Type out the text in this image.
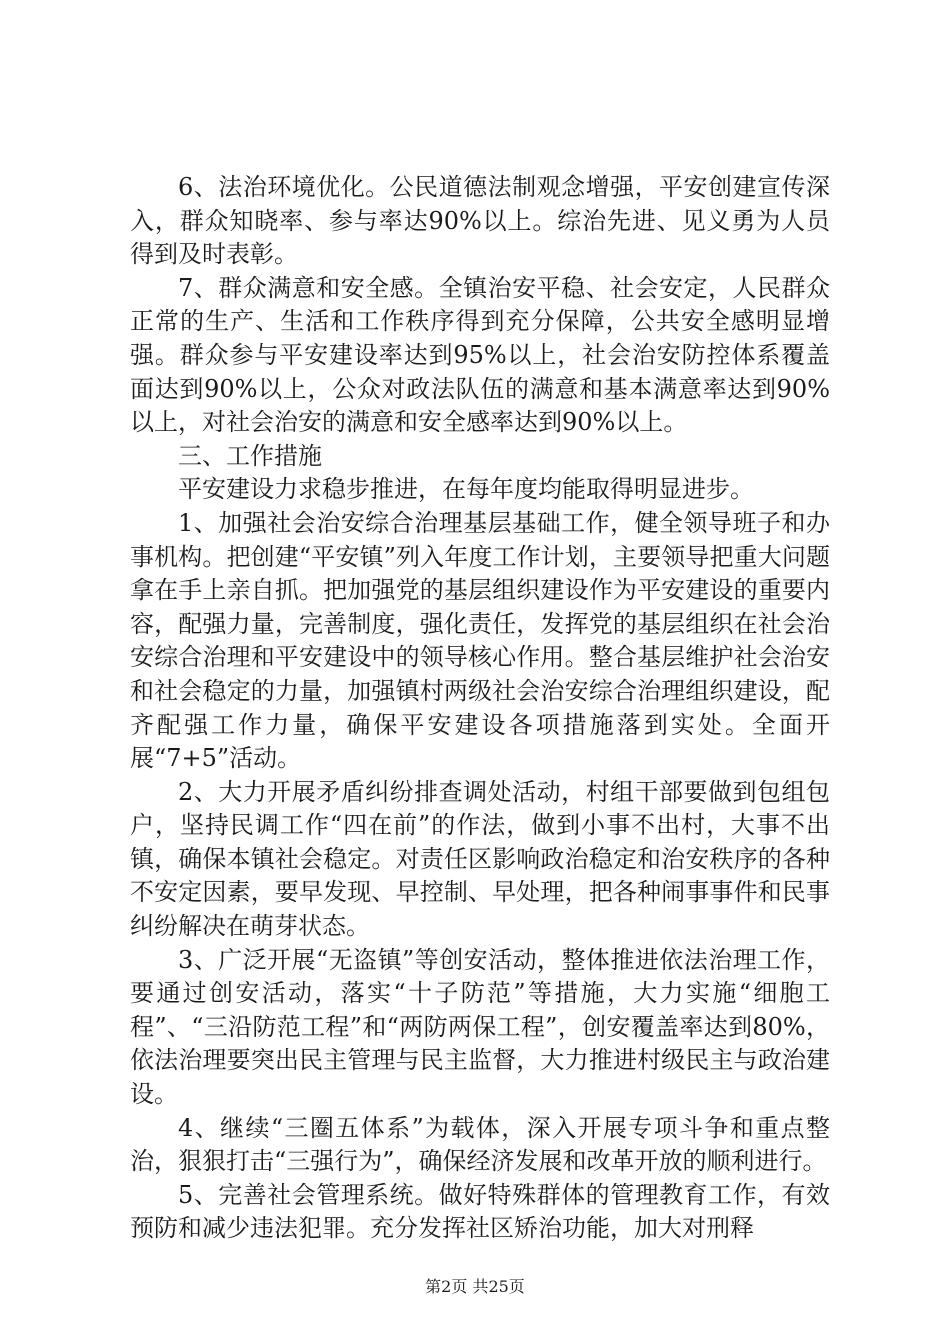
6、法治环境优化。公民道德法制观念增强，平安创建宣传深入，群众知晓率、参与率达90%以上。综治先进、见义勇为人员得到及时表彰。

7、群众满意和安全感。全镇治安平稳、社会安定，人民群众正常的生产、生活和工作秩序得到充分保障，公共安全感明显增强。群众参与平安建设率达到95%以上，社会治安防控体系覆盖面达到90%以上，公众对政法队伍的满意和基本满意率达到90%以上，对社会治安的满意和安全感率达到90%以上。

三、工作措施

平安建设力求稳步推进，在每年度均能取得明显进步。

1、加强社会治安综合治理基层基础工作，健全领导班子和办事机构。把创建“平安镇”列入年度工作计划，主要领导把重大问题拿在手上亲自抓。把加强党的基层组织建设作为平安建设的重要内容，配强力量，完善制度，强化责任，发挥党的基层组织在社会治安综合治理和平安建设中的领导核心作用。整合基层维护社会治安和社会稳定的力量，加强镇村两级社会治安综合治理组织建设，配齐配强工作力量，确保平安建设各项措施落到实处。全面开展“7+5”活动。

2、大力开展矛盾纠纷排查调处活动，村组干部要做到包组包户，坚持民调工作“四在前”的作法，做到小事不出村，大事不出镇，确保本镇社会稳定。对责任区影响政治稳定和治安秩序的各种不安定因素，要早发现、早控制、早处理，把各种闹事事件和民事纠纷解决在萌芽状态。

3、广泛开展“无盗镇”等创安活动，整体推进依法治理工作，要通过创安活动，落实“十子防范”等措施，大力实施“细胞工程”、“三沿防范工程”和“两防两保工程”，创安覆盖率达到80%，依法治理要突出民主管理与民主监督，大力推进村级民主与政治建设。

4、继续“三圈五体系”为载体，深入开展专项斗争和重点整治，狠狠打击“三强行为”，确保经济发展和改革开放的顺利进行。

5、完善社会管理系统。做好特殊群体的管理教育工作，有效预防和减少违法犯罪。充分发挥社区矫治功能，加大对刑释

第2页 共25页
